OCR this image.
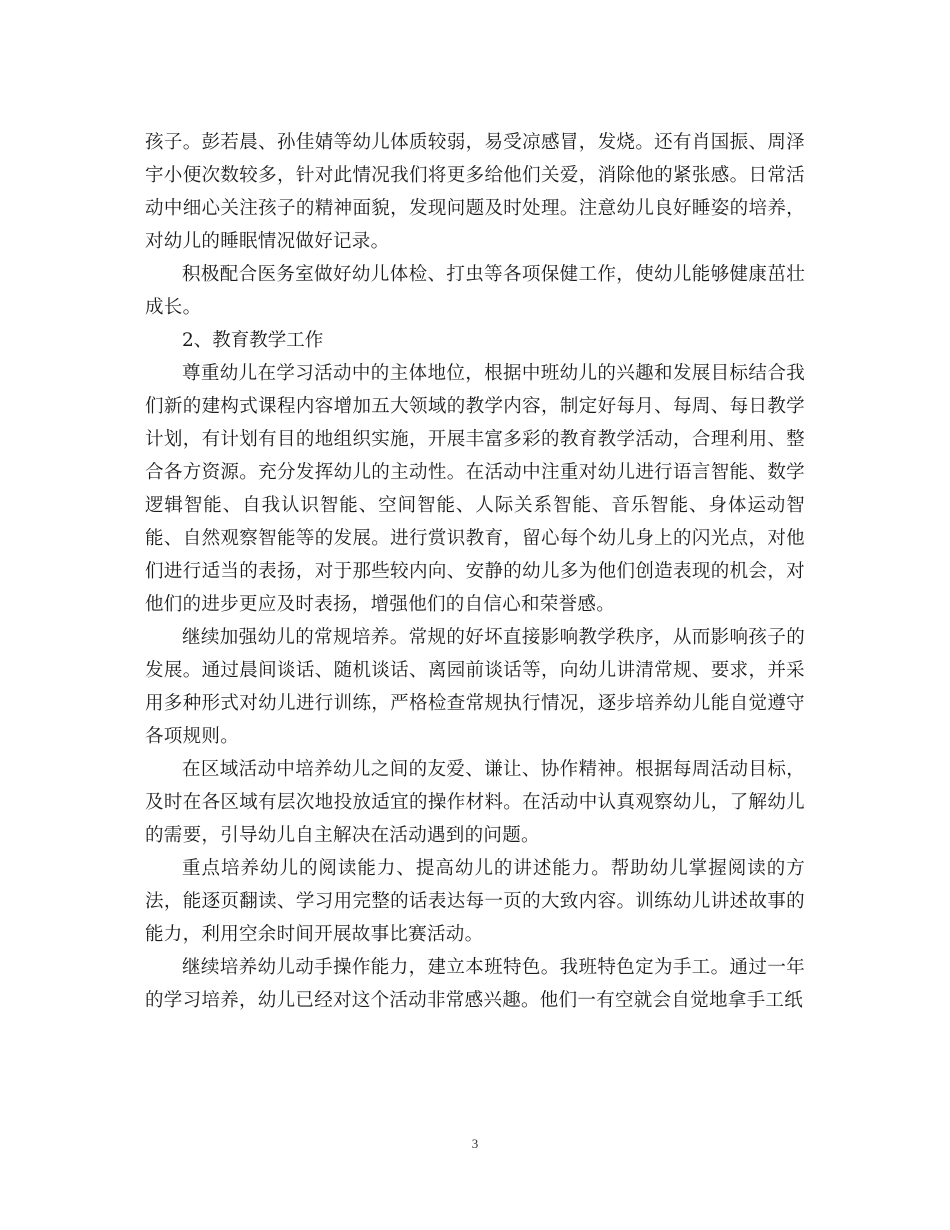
孩子。彭若晨、孙佳婧等幼儿体质较弱，易受凉感冒，发烧。还有肖国振、周泽宇小便次数较多，针对此情况我们将更多给他们关爱，消除他的紧张感。日常活动中细心关注孩子的精神面貌，发现问题及时处理。注意幼儿良好睡姿的培养，对幼儿的睡眠情况做好记录。

积极配合医务室做好幼儿体检、打虫等各项保健工作，使幼儿能够健康茁壮成长。

2、教育教学工作

尊重幼儿在学习活动中的主体地位，根据中班幼儿的兴趣和发展目标结合我们新的建构式课程内容增加五大领域的教学内容，制定好每月、每周、每日教学计划，有计划有目的地组织实施，开展丰富多彩的教育教学活动，合理利用、整合各方资源。充分发挥幼儿的主动性。在活动中注重对幼儿进行语言智能、数学逻辑智能、自我认识智能、空间智能、人际关系智能、音乐智能、身体运动智能、自然观察智能等的发展。进行赏识教育，留心每个幼儿身上的闪光点，对他们进行适当的表扬，对于那些较内向、安静的幼儿多为他们创造表现的机会，对他们的进步更应及时表扬，增强他们的自信心和荣誉感。

继续加强幼儿的常规培养。常规的好坏直接影响教学秩序，从而影响孩子的发展。通过晨间谈话、随机谈话、离园前谈话等，向幼儿讲清常规、要求，并采用多种形式对幼儿进行训练，严格检查常规执行情况，逐步培养幼儿能自觉遵守各项规则。

在区域活动中培养幼儿之间的友爱、谦让、协作精神。根据每周活动目标，及时在各区域有层次地投放适宜的操作材料。在活动中认真观察幼儿，了解幼儿的需要，引导幼儿自主解决在活动遇到的问题。

重点培养幼儿的阅读能力、提高幼儿的讲述能力。帮助幼儿掌握阅读的方法，能逐页翻读、学习用完整的话表达每一页的大致内容。训练幼儿讲述故事的能力，利用空余时间开展故事比赛活动。

继续培养幼儿动手操作能力，建立本班特色。我班特色定为手工。通过一年的学习培养，幼儿已经对这个活动非常感兴趣。他们一有空就会自觉地拿手工纸

3
